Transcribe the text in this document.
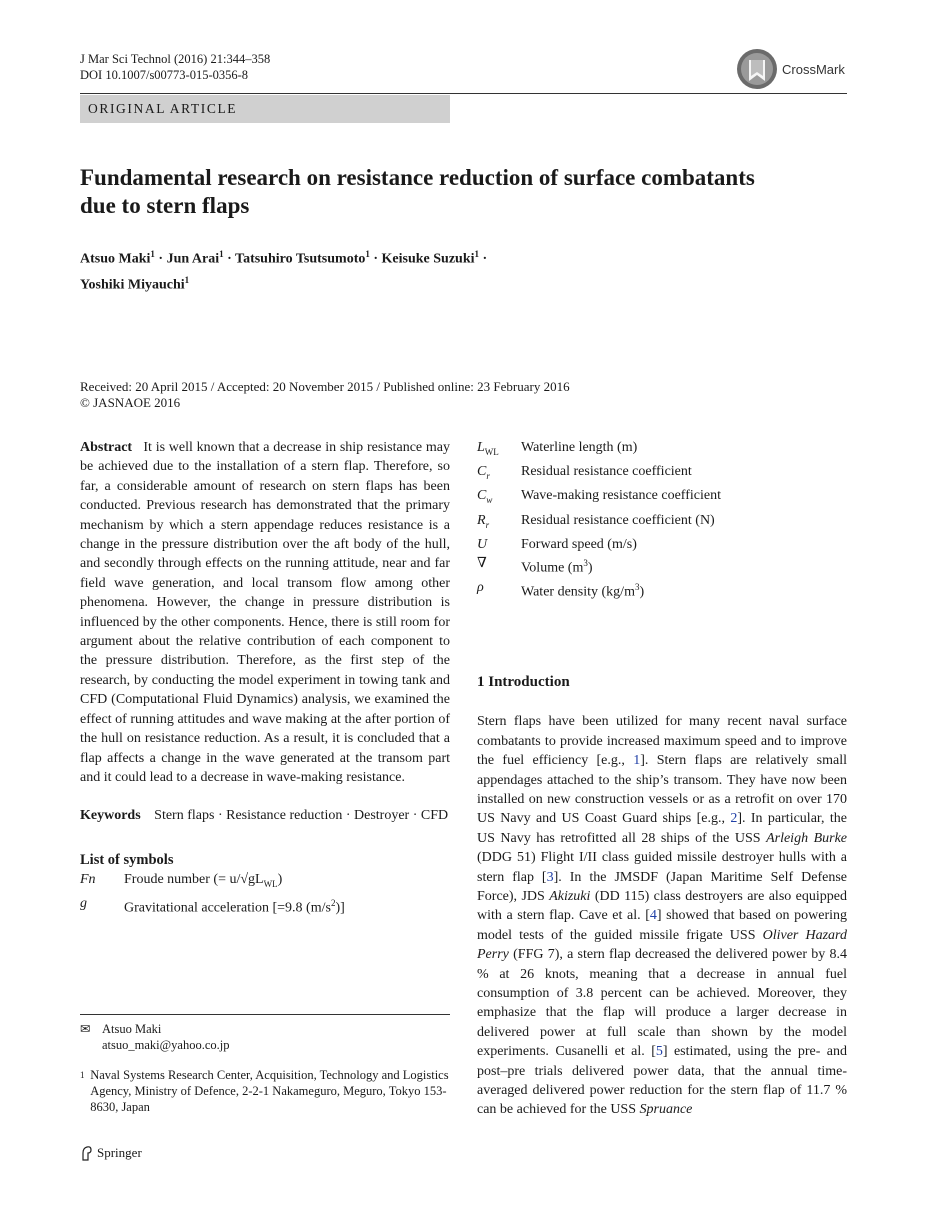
J Mar Sci Technol (2016) 21:344–358
DOI 10.1007/s00773-015-0356-8	CrossMark
ORIGINAL ARTICLE
Fundamental research on resistance reduction of surface combatants due to stern flaps
Atsuo Maki$^1$ · Jun Arai$^1$ · Tatsuhiro Tsutsumoto$^1$ · Keisuke Suzuki$^1$ ·
Yoshiki Miyauchi$^1$
Received: 20 April 2015 / Accepted: 20 November 2015 / Published online: 23 February 2016
© JASNAOE 2016

Abstract It is well known that a decrease in ship resistance may be achieved due to the installation of a stern flap. Therefore, so far, a considerable amount of research on stern flaps has been conducted. Previous research has demonstrated that the primary mechanism by which a stern appendage reduces resistance is a change in the pressure distribution over the aft body of the hull, and secondly through effects on the running attitude, near and far field wave generation, and local transom flow among other phenomena. However, the change in pressure distribution is influenced by the other components. Hence, there is still room for argument about the relative contribution of each component to the pressure distribution. Therefore, as the first step of the research, by conducting the model experiment in towing tank and CFD (Computational Fluid Dynamics) analysis, we examined the effect of running attitudes and wave making at the after portion of the hull on resistance reduction. As a result, it is concluded that a flap affects a change in the wave generated at the transom part and it could lead to a decrease in wave-making resistance.

Keywords Stern flaps · Resistance reduction · Destroyer · CFD

List of symbols
Fn	Froude number (= $u/√gL_{WL}$)
g	Gravitational acceleration [=9.8 $(m/s^2)$]
✉ Atsuo Maki
atsuo_maki@yahoo.co.jp
1 Naval Systems Research Center, Acquisition, Technology and Logistics Agency, Ministry of Defence, 2-2-1 Nakameguro, Meguro, Tokyo 153-8630, Japan
Springer
$L_{WL}$	Waterline length (m)
$C_r$	Residual resistance coefficient
$C_w$	Wave-making resistance coefficient
$R_r$	Residual resistance coefficient (N)
U	Forward speed (m/s)
∇	Volume $(m^3)$
ρ	Water density $(kg/m^3)$
1 Introduction

Stern flaps have been utilized for many recent naval surface combatants to provide increased maximum speed and to improve the fuel efficiency [e.g., 1]. Stern flaps are relatively small appendages attached to the ship’s transom. They have now been installed on new construction vessels or as a retrofit on over 170 US Navy and US Coast Guard ships [e.g., 2]. In particular, the US Navy has retrofitted all 28 ships of the USS Arleigh Burke (DDG 51) Flight I/II class guided missile destroyer hulls with a stern flap [3]. In the JMSDF (Japan Maritime Self Defense Force), JDS Akizuki (DD 115) class destroyers are also equipped with a stern flap. Cave et al. [4] showed that based on powering model tests of the guided missile frigate USS Oliver Hazard Perry (FFG 7), a stern flap decreased the delivered power by 8.4 % at 26 knots, meaning that a decrease in annual fuel consumption of 3.8 percent can be achieved. Moreover, they emphasize that the flap will produce a larger decrease in delivered power at full scale than shown by the model experiments. Cusanelli et al. [5] estimated, using the pre- and post–pre trials delivered power data, that the annual time-averaged delivered power reduction for the stern flap of 11.7 % can be achieved for the USS Spruance
